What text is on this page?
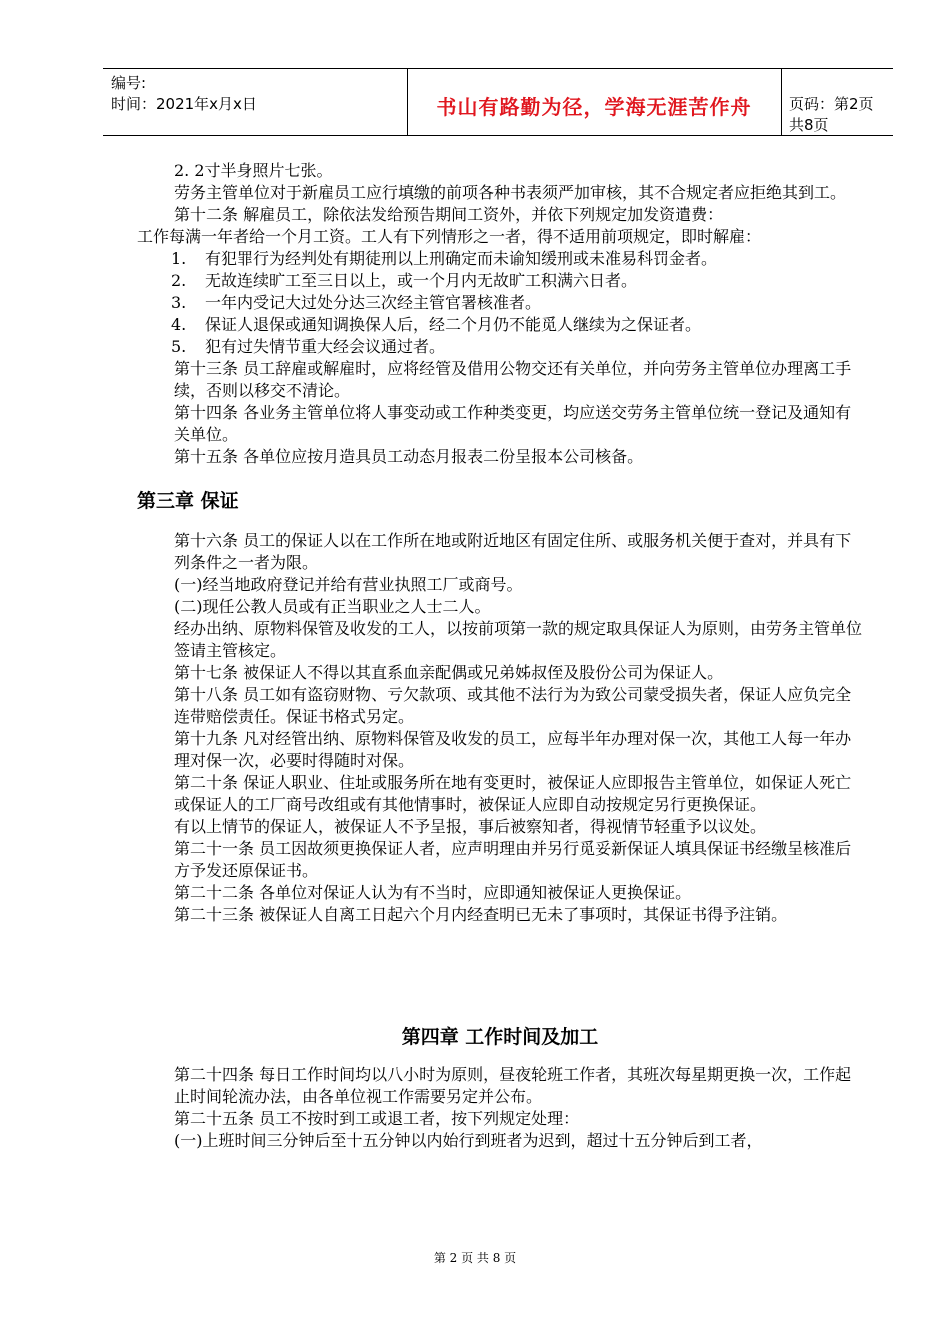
编号:
时间：2021年x月x日	书山有路勤为径，学海无涯苦作舟	页码：第2页 共8页

2. 2寸半身照片七张。

劳务主管单位对于新雇员工应行填缴的前项各种书表须严加审核，其不合规定者应拒绝其到工。

第十二条 解雇员工，除依法发给预告期间工资外，并依下列规定加发资遣费：

工作每满一年者给一个月工资。工人有下列情形之一者，得不适用前项规定，即时解雇：

1. 有犯罪行为经判处有期徒刑以上刑确定而未谕知缓刑或未准易科罚金者。

2. 无故连续旷工至三日以上，或一个月内无故旷工积满六日者。

3. 一年内受记大过处分达三次经主管官署核准者。

4. 保证人退保或通知调换保人后，经二个月仍不能觅人继续为之保证者。

5. 犯有过失情节重大经会议通过者。

第十三条 员工辞雇或解雇时，应将经管及借用公物交还有关单位，并向劳务主管单位办理离工手续，否则以移交不清论。

第十四条 各业务主管单位将人事变动或工作种类变更，均应送交劳务主管单位统一登记及通知有关单位。

第十五条 各单位应按月造具员工动态月报表二份呈报本公司核备。

第三章 保证

第十六条 员工的保证人以在工作所在地或附近地区有固定住所、或服务机关便于查对，并具有下列条件之一者为限。

(一)经当地政府登记并给有营业执照工厂或商号。

(二)现任公教人员或有正当职业之人士二人。

经办出纳、原物料保管及收发的工人，以按前项第一款的规定取具保证人为原则，由劳务主管单位签请主管核定。

第十七条 被保证人不得以其直系血亲配偶或兄弟姊叔侄及股份公司为保证人。

第十八条 员工如有盗窃财物、亏欠款项、或其他不法行为为致公司蒙受损失者，保证人应负完全连带赔偿责任。保证书格式另定。

第十九条 凡对经管出纳、原物料保管及收发的员工，应每半年办理对保一次，其他工人每一年办理对保一次，必要时得随时对保。

第二十条 保证人职业、住址或服务所在地有变更时，被保证人应即报告主管单位，如保证人死亡或保证人的工厂商号改组或有其他情事时，被保证人应即自动按规定另行更换保证。

有以上情节的保证人，被保证人不予呈报，事后被察知者，得视情节轻重予以议处。

第二十一条 员工因故须更换保证人者，应声明理由并另行觅妥新保证人填具保证书经缴呈核准后方予发还原保证书。

第二十二条 各单位对保证人认为有不当时，应即通知被保证人更换保证。

第二十三条 被保证人自离工日起六个月内经查明已无未了事项时，其保证书得予注销。

第四章 工作时间及加工

第二十四条 每日工作时间均以八小时为原则，昼夜轮班工作者，其班次每星期更换一次，工作起止时间轮流办法，由各单位视工作需要另定并公布。

第二十五条 员工不按时到工或退工者，按下列规定处理：

(一)上班时间三分钟后至十五分钟以内始行到班者为迟到，超过十五分钟后到工者，

第 2 页 共 8 页
